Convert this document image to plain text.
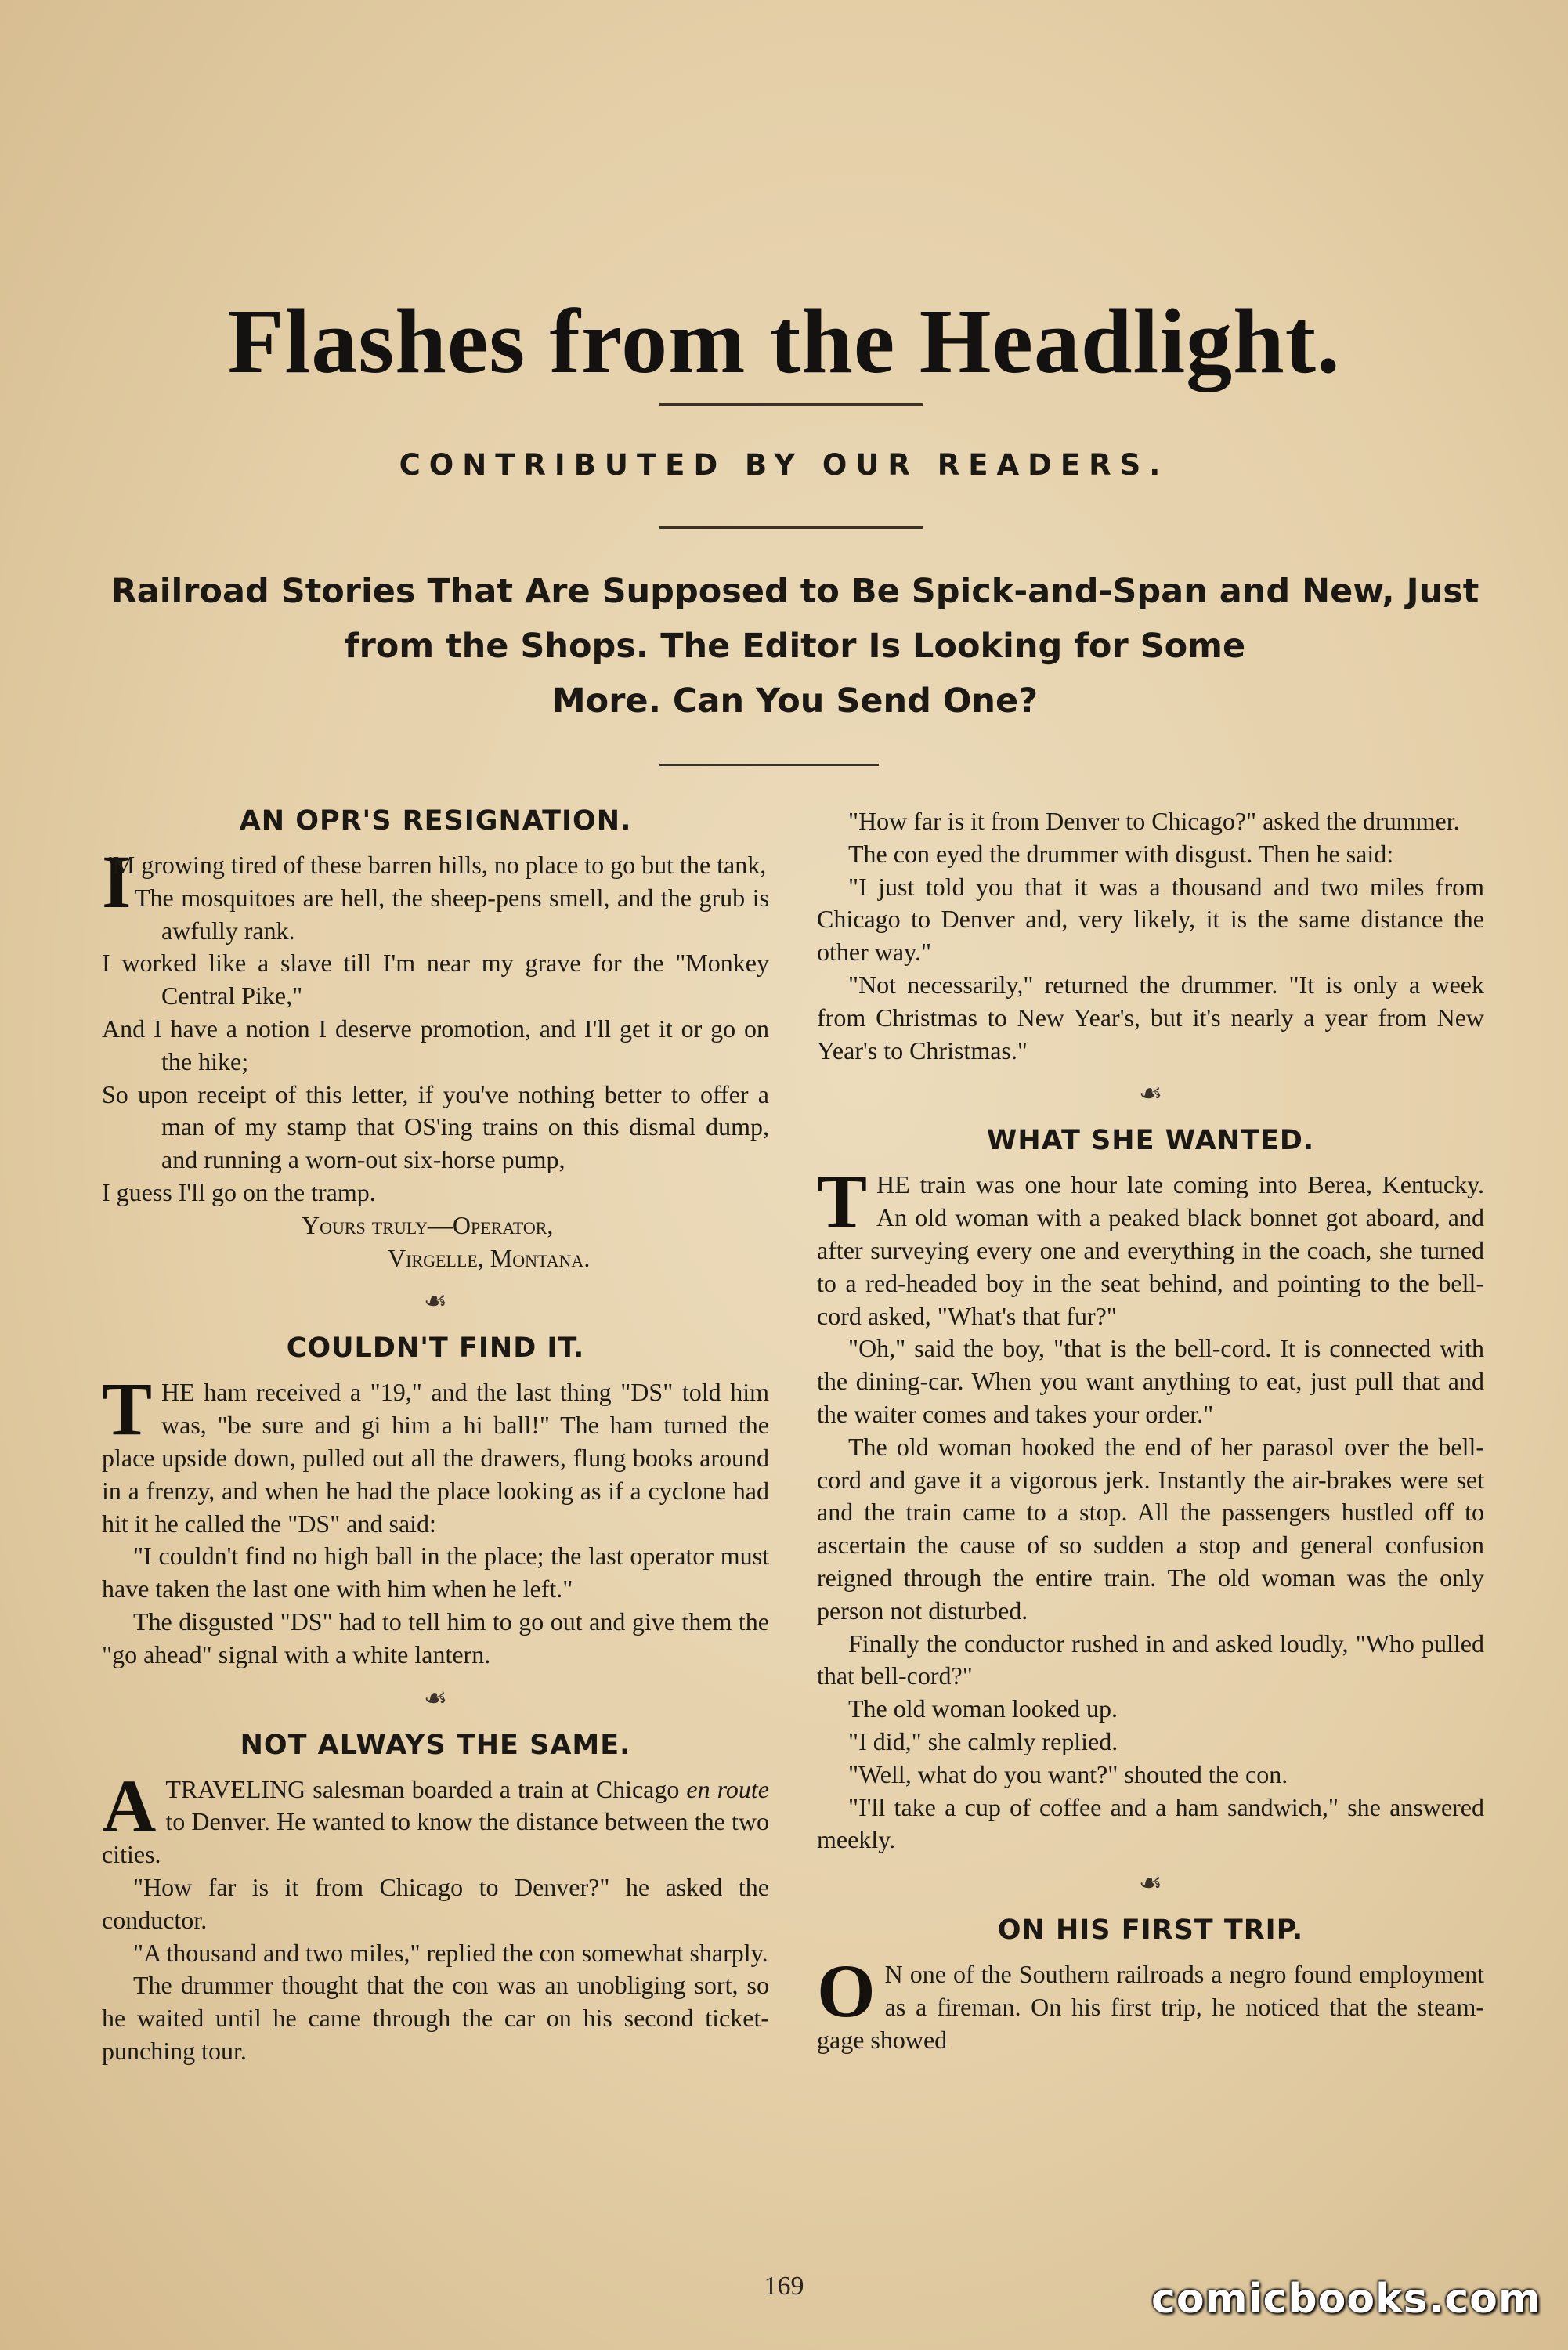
Flashes from the Headlight.
CONTRIBUTED BY OUR READERS.
Railroad Stories That Are Supposed to Be Spick-and-Span and New, Just
from the Shops. The Editor Is Looking for Some
More. Can You Send One?
AN OPR'S RESIGNATION.

I
'M growing tired of these barren hills, no place to go but the tank,

The mosquitoes are hell, the sheep-pens smell, and the grub is awfully rank.

I worked like a slave till I'm near my grave for the "Monkey Central Pike,"

And I have a notion I deserve promotion, and I'll get it or go on the hike;

So upon receipt of this letter, if you've nothing better to offer a man of my stamp that OS'ing trains on this dismal dump, and running a worn-out six-horse pump,

I guess I'll go on the tramp.

Yours truly—Operator,
Virgelle, Montana.
☙
COULDN'T FIND IT.

THE ham received a "19," and the last thing "DS" told him was, "be sure and gi him a hi ball!" The ham turned the place upside down, pulled out all the drawers, flung books around in a frenzy, and when he had the place looking as if a cyclone had hit it he called the "DS" and said:

"I couldn't find no high ball in the place; the last operator must have taken the last one with him when he left."

The disgusted "DS" had to tell him to go out and give them the "go ahead" signal with a white lantern.

☙
NOT ALWAYS THE SAME.

ATRAVELING salesman boarded a train at Chicago en route to Denver. He wanted to know the distance between the two cities.

"How far is it from Chicago to Denver?" he asked the conductor.

"A thousand and two miles," replied the con somewhat sharply.

The drummer thought that the con was an unobliging sort, so he waited until he came through the car on his second ticket-punching tour.

"How far is it from Denver to Chicago?" asked the drummer.

The con eyed the drummer with disgust. Then he said:

"I just told you that it was a thousand and two miles from Chicago to Denver and, very likely, it is the same distance the other way."

"Not necessarily," returned the drummer. "It is only a week from Christmas to New Year's, but it's nearly a year from New Year's to Christmas."

☙
WHAT SHE WANTED.

THE train was one hour late coming into Berea, Kentucky. An old woman with a peaked black bonnet got aboard, and after surveying every one and everything in the coach, she turned to a red-headed boy in the seat behind, and pointing to the bell-cord asked, "What's that fur?"

"Oh," said the boy, "that is the bell-cord. It is connected with the dining-car. When you want anything to eat, just pull that and the waiter comes and takes your order."

The old woman hooked the end of her parasol over the bell-cord and gave it a vigorous jerk. Instantly the air-brakes were set and the train came to a stop. All the passengers hustled off to ascertain the cause of so sudden a stop and general confusion reigned through the entire train. The old woman was the only person not disturbed.

Finally the conductor rushed in and asked loudly, "Who pulled that bell-cord?"

The old woman looked up.

"I did," she calmly replied.

"Well, what do you want?" shouted the con.

"I'll take a cup of coffee and a ham sandwich," she answered meekly.

☙
ON HIS FIRST TRIP.

O N one of the Southern railroads a negro found employment as a fireman. On his first trip, he noticed that the steam-gage showed

169	comicbooks.com
